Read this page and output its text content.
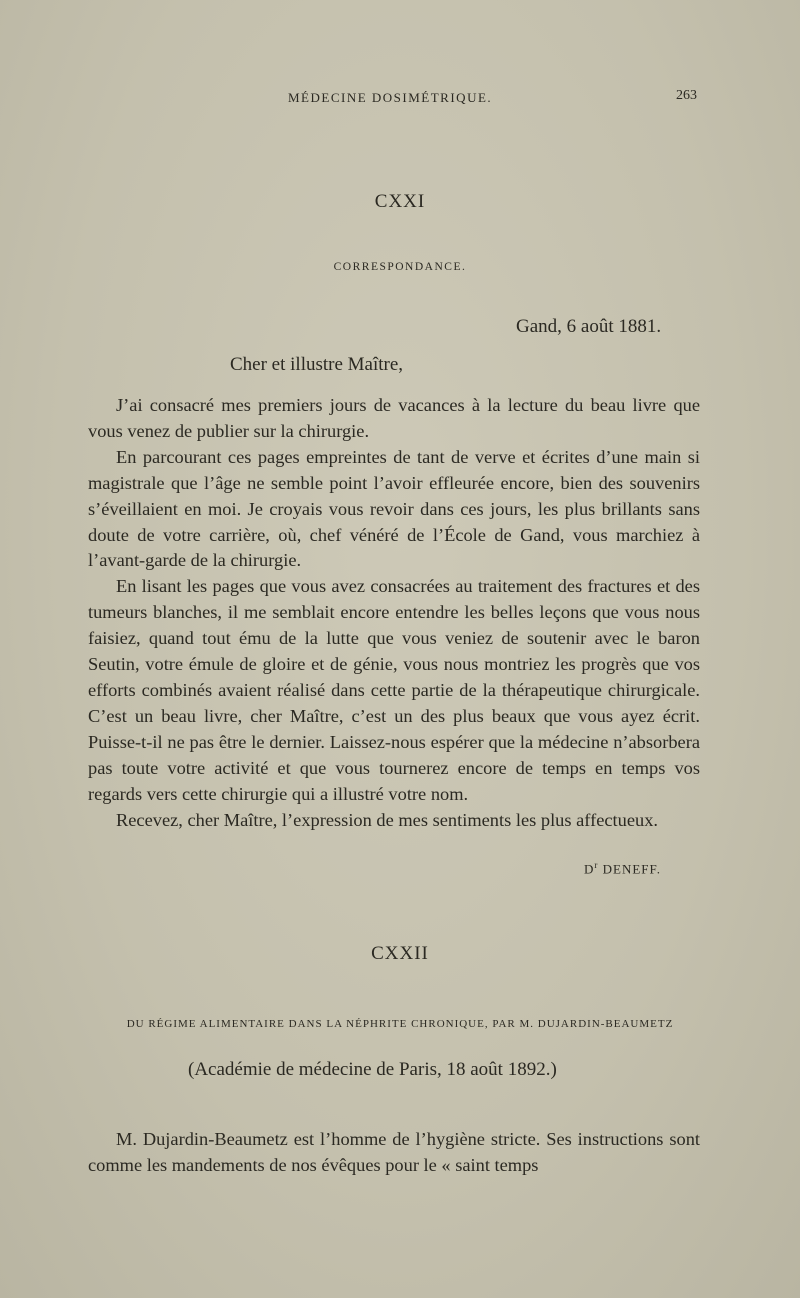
MÉDECINE DOSIMÉTRIQUE.	263
CXXI
CORRESPONDANCE.
Gand, 6 août 1881.
Cher et illustre Maître,

J’ai consacré mes premiers jours de vacances à la lecture du beau livre que vous venez de publier sur la chirurgie.

En parcourant ces pages empreintes de tant de verve et écrites d’une main si magistrale que l’âge ne semble point l’avoir effleurée encore, bien des souvenirs s’éveillaient en moi. Je croyais vous revoir dans ces jours, les plus brillants sans doute de votre carrière, où, chef vénéré de l’École de Gand, vous marchiez à l’avant-garde de la chirurgie.

En lisant les pages que vous avez consacrées au traitement des fractures et des tumeurs blanches, il me semblait encore entendre les belles leçons que vous nous faisiez, quand tout ému de la lutte que vous veniez de soutenir avec le baron Seutin, votre émule de gloire et de génie, vous nous montriez les progrès que vos efforts combinés avaient réalisé dans cette partie de la thérapeutique chirurgicale. C’est un beau livre, cher Maître, c’est un des plus beaux que vous ayez écrit. Puisse-t-il ne pas être le dernier. Laissez-nous espérer que la médecine n’absorbera pas toute votre activité et que vous tournerez encore de temps en temps vos regards vers cette chirurgie qui a illustré votre nom.

Recevez, cher Maître, l’expression de mes sentiments les plus affectueux.

$D^r$ DENEFF.
CXXII
DU RÉGIME ALIMENTAIRE DANS LA NÉPHRITE CHRONIQUE, PAR M. DUJARDIN-BEAUMETZ
(Académie de médecine de Paris, 18 août 1892.)

M. Dujardin-Beaumetz est l’homme de l’hygiène stricte. Ses instructions sont comme les mandements de nos évêques pour le « saint temps
